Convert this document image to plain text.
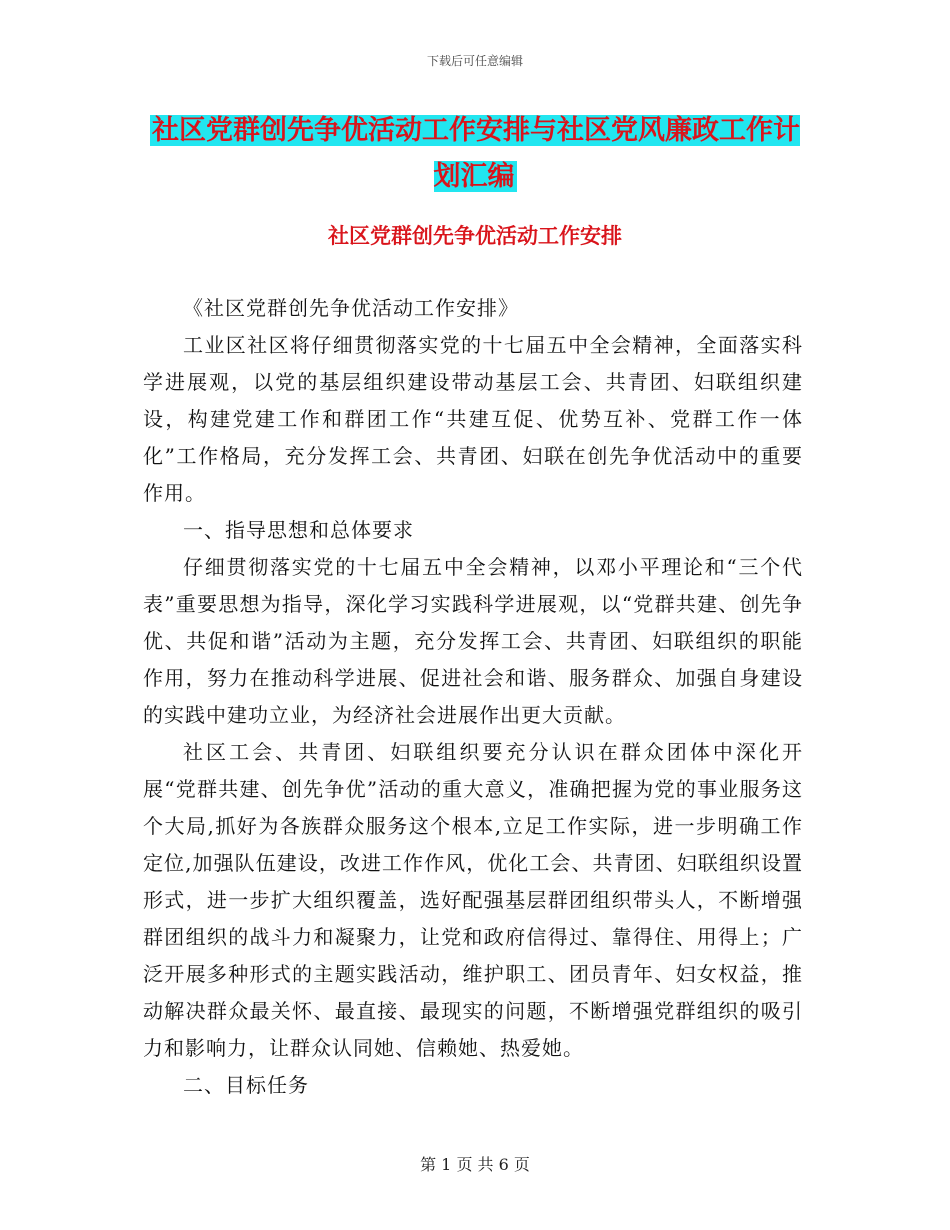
下载后可任意编辑
社区党群创先争优活动工作安排与社区党风廉政工作计划汇编
社区党群创先争优活动工作安排

《社区党群创先争优活动工作安排》

工业区社区将仔细贯彻落实党的十七届五中全会精神，全面落实科学进展观，以党的基层组织建设带动基层工会、共青团、妇联组织建设，构建党建工作和群团工作“共建互促、优势互补、党群工作一体化”工作格局，充分发挥工会、共青团、妇联在创先争优活动中的重要作用。

一、指导思想和总体要求

仔细贯彻落实党的十七届五中全会精神，以邓小平理论和“三个代表”重要思想为指导，深化学习实践科学进展观，以“党群共建、创先争优、共促和谐”活动为主题，充分发挥工会、共青团、妇联组织的职能作用，努力在推动科学进展、促进社会和谐、服务群众、加强自身建设的实践中建功立业，为经济社会进展作出更大贡献。

社区工会、共青团、妇联组织要充分认识在群众团体中深化开展“党群共建、创先争优”活动的重大意义，准确把握为党的事业服务这个大局,抓好为各族群众服务这个根本,立足工作实际，进一步明确工作定位,加强队伍建设，改进工作作风，优化工会、共青团、妇联组织设置形式，进一步扩大组织覆盖，选好配强基层群团组织带头人，不断增强群团组织的战斗力和凝聚力，让党和政府信得过、靠得住、用得上；广泛开展多种形式的主题实践活动，维护职工、团员青年、妇女权益，推动解决群众最关怀、最直接、最现实的问题，不断增强党群组织的吸引力和影响力，让群众认同她、信赖她、热爱她。

二、目标任务

第 1 页 共 6 页
